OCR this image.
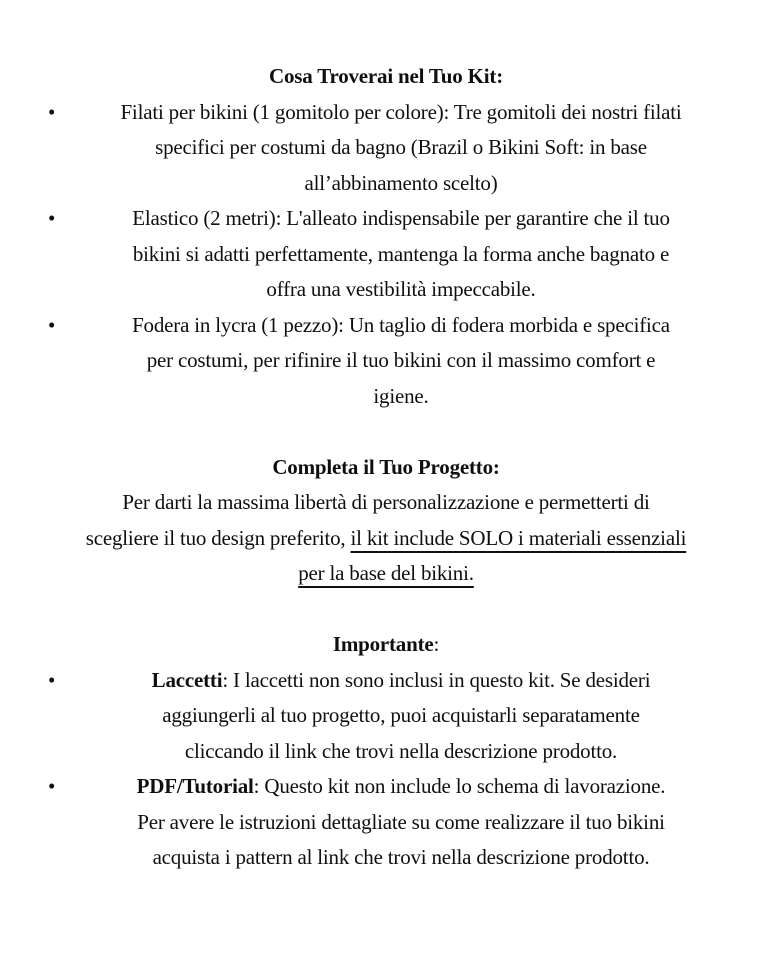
Cosa Troverai nel Tuo Kit:
•	Filati per bikini (1 gomitolo per colore): Tre gomitoli dei nostri filati
specifici per costumi da bagno (Brazil o Bikini Soft: in base
all’abbinamento scelto)
•	Elastico (2 metri): L'alleato indispensabile per garantire che il tuo
bikini si adatti perfettamente, mantenga la forma anche bagnato e
offra una vestibilità impeccabile.
•	Fodera in lycra (1 pezzo): Un taglio di fodera morbida e specifica
per costumi, per rifinire il tuo bikini con il massimo comfort e
igiene.
Completa il Tuo Progetto:
Per darti la massima libertà di personalizzazione e permetterti di
scegliere il tuo design preferito, il kit include SOLO i materiali essenziali
per la base del bikini.
Importante:
•	Laccetti: I laccetti non sono inclusi in questo kit. Se desideri
aggiungerli al tuo progetto, puoi acquistarli separatamente
cliccando il link che trovi nella descrizione prodotto.
•	PDF/Tutorial: Questo kit non include lo schema di lavorazione.
Per avere le istruzioni dettagliate su come realizzare il tuo bikini
acquista i pattern al link che trovi nella descrizione prodotto.
